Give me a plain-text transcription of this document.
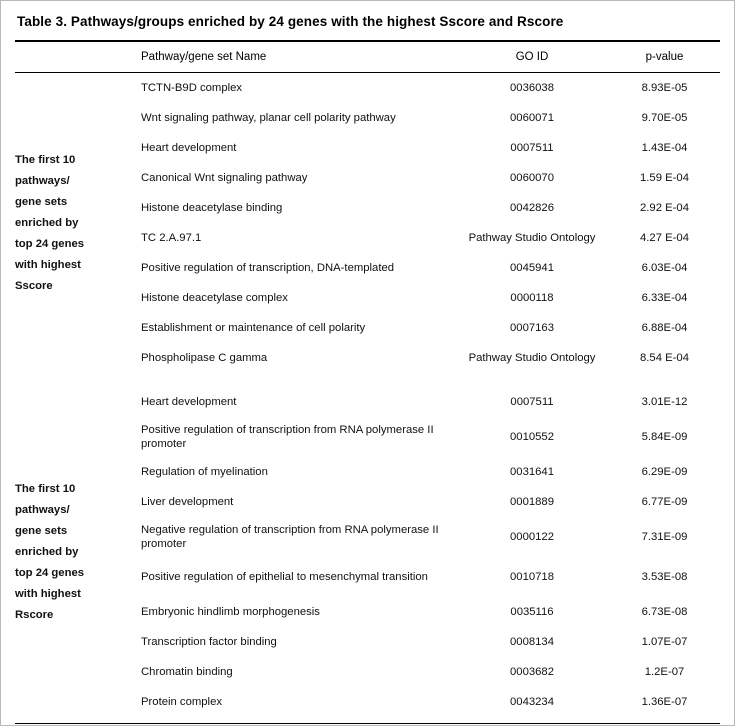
Table 3. Pathways/groups enriched by 24 genes with the highest Sscore and Rscore
	Pathway/gene set Name	GO ID	p-value
The first 10
pathways/
gene sets
enriched by
top 24 genes
with highest
Sscore
	TCTN-B9D complex	0036038	8.93E-05
	Wnt signaling pathway, planar cell polarity pathway	0060071	9.70E-05
	Heart development	0007511	1.43E-04
	Canonical Wnt signaling pathway	0060070	1.59 E-04
	Histone deacetylase binding	0042826	2.92 E-04
	TC 2.A.97.1	Pathway Studio Ontology	4.27 E-04
	Positive regulation of transcription, DNA-templated	0045941	6.03E-04
	Histone deacetylase complex	0000118	6.33E-04
	Establishment or maintenance of cell polarity	0007163	6.88E-04
	Phospholipase C gamma	Pathway Studio Ontology	8.54 E-04

The first 10
pathways/
gene sets
enriched by
top 24 genes
with highest
Rscore
	Heart development	0007511	3.01E-12
	Positive regulation of transcription from RNA polymerase II promoter	0010552	5.84E-09
	Regulation of myelination	0031641	6.29E-09
	Liver development	0001889	6.77E-09
	Negative regulation of transcription from RNA polymerase II promoter	0000122	7.31E-09
	Positive regulation of epithelial to mesenchymal transition	0010718	3.53E-08
	Embryonic hindlimb morphogenesis	0035116	6.73E-08
	Transcription factor binding	0008134	1.07E-07
	Chromatin binding	0003682	1.2E-07
	Protein complex	0043234	1.36E-07
